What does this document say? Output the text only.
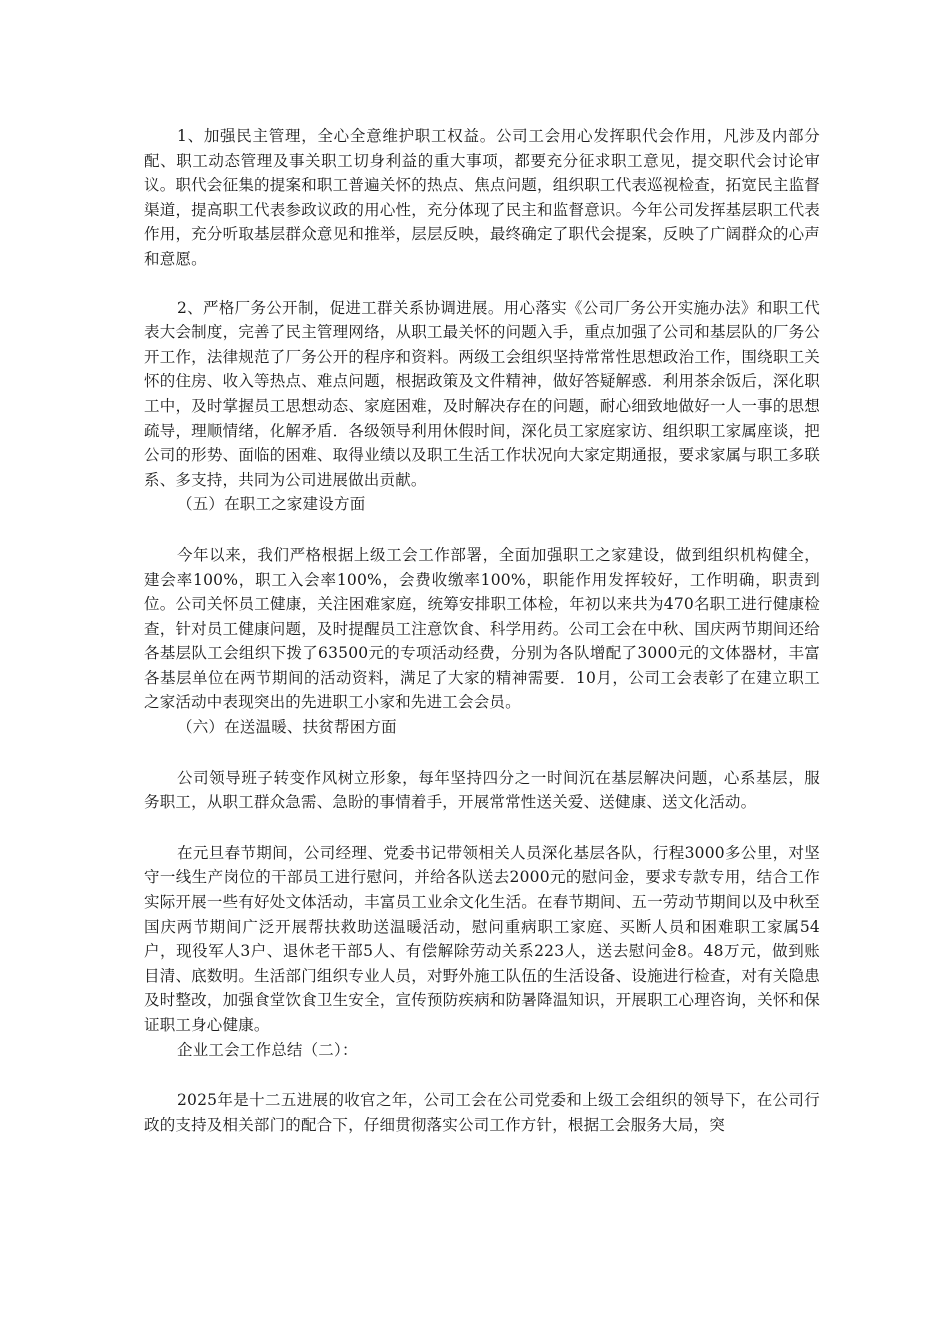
1、加强民主管理，全心全意维护职工权益。公司工会用心发挥职代会作用，凡涉及内部分配、职工动态管理及事关职工切身利益的重大事项，都要充分征求职工意见，提交职代会讨论审议。职代会征集的提案和职工普遍关怀的热点、焦点问题，组织职工代表巡视检查，拓宽民主监督渠道，提高职工代表参政议政的用心性，充分体现了民主和监督意识。今年公司发挥基层职工代表作用，充分听取基层群众意见和推举，层层反映，最终确定了职代会提案，反映了广阔群众的心声和意愿。

2、严格厂务公开制，促进工群关系协调进展。用心落实《公司厂务公开实施办法》和职工代表大会制度，完善了民主管理网络，从职工最关怀的问题入手，重点加强了公司和基层队的厂务公开工作，法律规范了厂务公开的程序和资料。两级工会组织坚持常常性思想政治工作，围绕职工关怀的住房、收入等热点、难点问题，根据政策及文件精神，做好答疑解惑．利用茶余饭后，深化职工中，及时掌握员工思想动态、家庭困难，及时解决存在的问题，耐心细致地做好一人一事的思想疏导，理顺情绪，化解矛盾．各级领导利用休假时间，深化员工家庭家访、组织职工家属座谈，把公司的形势、面临的困难、取得业绩以及职工生活工作状况向大家定期通报，要求家属与职工多联系、多支持，共同为公司进展做出贡献。

（五）在职工之家建设方面

今年以来，我们严格根据上级工会工作部署，全面加强职工之家建设，做到组织机构健全，建会率100%，职工入会率100%，会费收缴率100%，职能作用发挥较好，工作明确，职责到位。公司关怀员工健康，关注困难家庭，统筹安排职工体检，年初以来共为470名职工进行健康检查，针对员工健康问题，及时提醒员工注意饮食、科学用药。公司工会在中秋、国庆两节期间还给各基层队工会组织下拨了63500元的专项活动经费，分别为各队增配了3000元的文体器材，丰富各基层单位在两节期间的活动资料，满足了大家的精神需要．10月，公司工会表彰了在建立职工之家活动中表现突出的先进职工小家和先进工会会员。

（六）在送温暖、扶贫帮困方面

公司领导班子转变作风树立形象，每年坚持四分之一时间沉在基层解决问题，心系基层，服务职工，从职工群众急需、急盼的事情着手，开展常常性送关爱、送健康、送文化活动。

在元旦春节期间，公司经理、党委书记带领相关人员深化基层各队，行程3000多公里，对坚守一线生产岗位的干部员工进行慰问，并给各队送去2000元的慰问金，要求专款专用，结合工作实际开展一些有好处文体活动，丰富员工业余文化生活。在春节期间、五一劳动节期间以及中秋至国庆两节期间广泛开展帮扶救助送温暖活动，慰问重病职工家庭、买断人员和困难职工家属54户，现役军人3户、退休老干部5人、有偿解除劳动关系223人，送去慰问金8。48万元，做到账目清、底数明。生活部门组织专业人员，对野外施工队伍的生活设备、设施进行检查，对有关隐患及时整改，加强食堂饮食卫生安全，宣传预防疾病和防暑降温知识，开展职工心理咨询，关怀和保证职工身心健康。

企业工会工作总结（二）：

2025年是十二五进展的收官之年，公司工会在公司党委和上级工会组织的领导下，在公司行政的支持及相关部门的配合下，仔细贯彻落实公司工作方针，根据工会服务大局，突
